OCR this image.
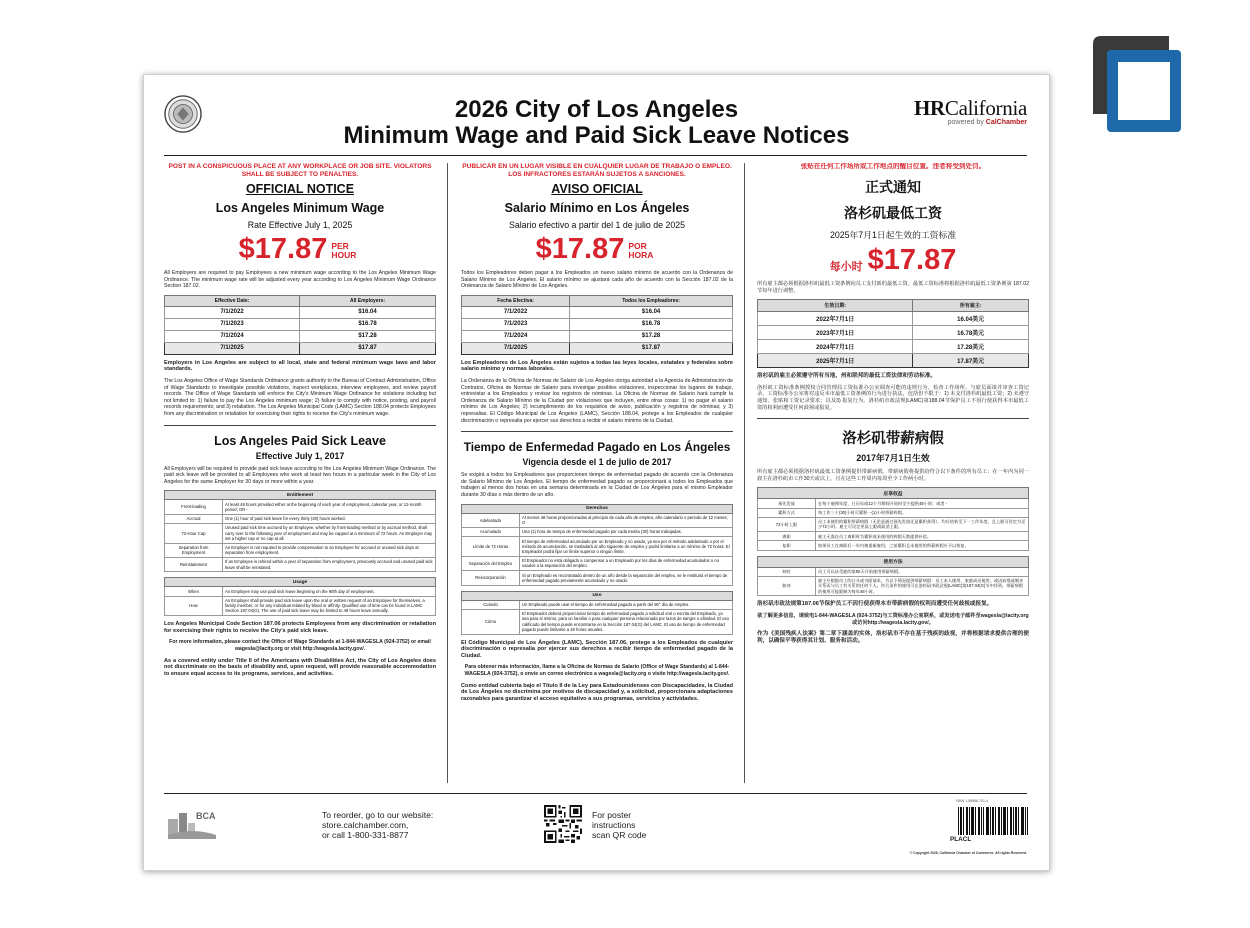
2026 City of Los Angeles
Minimum Wage and Paid Sick Leave Notices
HRCalifornia
powered by CalChamber
POST IN A CONSPICUOUS PLACE AT ANY WORKPLACE OR JOB SITE. VIOLATORS SHALL BE SUBJECT TO PENALTIES.
OFFICIAL NOTICE
Los Angeles Minimum Wage
Rate Effective July 1, 2025
$17.87 PER HOUR
All Employers are required to pay Employees a new minimum wage according to the Los Angeles Minimum Wage Ordinance. The minimum wage rate will be adjusted every year according to Los Angeles Minimum Wage Ordinance Section 187.02.
Effective Date:	All Employers:
7/1/2022	$16.04
7/1/2023	$16.78
7/1/2024	$17.28
7/1/2025	$17.87
Employers in Los Angeles are subject to all local, state and federal minimum wage laws and labor standards.
The Los Angeles Office of Wage Standards Ordinance grants authority to the Bureau of Contract Administration, Office of Wage Standards to investigate possible violations, inspect workplaces, interview employees, and review payroll records. The Office of Wage Standards will enforce the City's Minimum Wage Ordinance for violations including but not limited to: 1) failure to pay the Los Angeles minimum wage; 2) failure to comply with notice, posting, and payroll records requirements; and 3) retaliation. The Los Angeles Municipal Code (LAMC) Section 188.04 protects Employees from any discrimination or retaliation for exercising their rights to receive the City's minimum wage.
Los Angeles Paid Sick Leave
Effective July 1, 2017
All Employers will be required to provide paid sick leave according to the Los Angeles Minimum Wage Ordinance. The paid sick leave will be provided to all Employees who work at least two hours in a particular week in the City of Los Angeles for the same Employer for 30 days or more within a year.
Entitlement	
Front-loading	At least 48 hours provided either at the beginning of each year of employment, calendar year, or 12-month period; OR -
Accrual	One (1) hour of paid sick leave for every thirty (30) hours worked.
72-Hour Cap	Unused paid sick time accrued by an Employee, whether by front-loading method or by accrual method, shall carry over to the following year of employment and may be capped at a minimum of 72 hours. An Employer may set a higher cap or no cap at all.
Separation from Employment	An Employer is not required to provide compensation to an Employee for accrued or unused sick days at separation from employment.
Reinstatement	If an Employee is rehired within a year of separation from employment, previously accrued and unused paid sick leave shall be reinstated.
Usage	
When	An Employee may use paid sick leave beginning on the 90th day of employment.
How	An Employer shall provide paid sick leave upon the oral or written request of an Employee for themselves, a family member, or for any individual related by blood or affinity. Qualified use of time can be found in LAMC Section 187.04(G). The use of paid sick leave may be limited to 48 hours leave annually.
Los Angeles Municipal Code Section 187.06 protects Employees from any discrimination or retaliation for exercising their rights to receive the City's paid sick leave.
For more information, please contact the Office of Wage Standards at 1-844-WAGESLA (924-3752) or email wagesla@lacity.org or visit http://wagesla.lacity.gov/.
As a covered entity under Title II of the Americans with Disabilities Act, the City of Los Angeles does not discriminate on the basis of disability and, upon request, will provide reasonable accommodation to ensure equal access to its programs, services, and activities.
PUBLICAR EN UN LUGAR VISIBLE EN CUALQUIER LUGAR DE TRABAJO O EMPLEO. LOS INFRACTORES ESTARÁN SUJETOS A SANCIONES.
AVISO OFICIAL
Salario Mínimo en Los Ángeles
Salario efectivo a partir del 1 de julio de 2025
$17.87 POR HORA
Todos los Empleadores deben pagar a los Empleados un nuevo salario mínimo de acuerdo con la Ordenanza de Salario Mínimo de Los Ángeles. El salario mínimo se ajustará cada año de acuerdo con la Sección 187.02 de la Ordenanza de Salario Mínimo de Los Ángeles.
Fecha Efectiva:	Todos los Empleadores:
7/1/2022	$16.04
7/1/2023	$16.78
7/1/2024	$17.28
7/1/2025	$17.87
Los Empleadores de Los Ángeles están sujetos a todas las leyes locales, estatales y federales sobre salario mínimo y normas laborales.
La Ordenanza de la Oficina de Normas de Salario de Los Ángeles otorga autoridad a la Agencia de Administración de Contratos, Oficina de Normas de Salario para investigar posibles violaciones, inspeccionar los lugares de trabajo, entrevistar a los Empleados y revisar los registros de nóminas. La Oficina de Normas de Salario hará cumplir la Ordenanza de Salario Mínimo de la Ciudad por violaciones que incluyen, entre otras cosas: 1) no pagar el salario mínimo de Los Ángeles; 2) incumplimiento de los requisitos de aviso, publicación y registros de nóminas; y 3) represalias. El Código Municipal de Los Ángeles (LAMC), Sección 188.04, protege a los Empleados de cualquier discriminación o represalia por ejercer sus derechos a recibir el salario mínimo de la Ciudad.
Tiempo de Enfermedad Pagado en Los Ángeles
Vigencia desde el 1 de julio de 2017
Se exigirá a todos los Empleadores que proporcionen tiempo de enfermedad pagado de acuerdo con la Ordenanza de Salario Mínimo de Los Ángeles. El tiempo de enfermedad pagado se proporcionará a todos los Empleados que trabajen al menos dos horas en una semana determinada en la Ciudad de Los Ángeles para el mismo Empleador durante 30 días o más dentro de un año.
Derechos	
Adelantado	Al menos 48 horas proporcionadas al principio de cada año de empleo, año calendario o periodo de 12 meses; O
Acumulado	Una (1) hora de tiempo de enfermedad pagado por cada treinta (30) horas trabajadas.
Límite de 72 Horas	El tiempo de enfermedad acumulado por un Empleado y no usado, ya sea por el método adelantado o por el método de acumulación, se trasladará al año siguiente de empleo y podrá limitarse a un mínimo de 72 horas. El Empleador podrá fijar un límite superior o ningún límite.
Separación del Empleo	El Empleador no está obligado a compensar a un Empleado por los días de enfermedad acumulados o no usados a la separación del empleo.
Reincorporación	Si un Empleado es recontratado dentro de un año desde la separación del empleo, se le restituirá el tiempo de enfermedad pagado previamente acumulado y no usado.
Uso	
Cuándo	Un Empleado puede usar el tiempo de enfermedad pagado a partir del 90° día de empleo.
Cómo	El Empleador deberá proporcionar tiempo de enfermedad pagado a solicitud oral o escrita del Empleado, ya sea para sí mismo, para un familiar o para cualquier persona relacionada por lazos de sangre o afinidad. El uso calificado del tiempo puede encontrarse en la Sección 187.04(G) del LAMC. El uso de tiempo de enfermedad pagado puede limitarse a 48 horas anuales.
El Código Municipal de Los Ángeles (LAMC), Sección 187.06, protege a los Empleados de cualquier discriminación o represalia por ejercer sus derechos a recibir tiempo de enfermedad pagado de la Ciudad.
Para obtener más información, llame a la Oficina de Normas de Salario (Office of Wage Standards) al 1-844-WAGESLA (924-3752), o envíe un correo electrónico a wagesla@lacity.org o visite http://wagesla.lacity.gov/.
Como entidad cubierta bajo el Título II de la Ley para Estadounidenses con Discapacidades, la Ciudad de Los Ángeles no discrimina por motivos de discapacidad y, a solicitud, proporcionara adaptaciones razonables para garantizar el acceso equitativo a sus programas, servicios y actividades.
张贴在任何工作场所或工作地点的醒目位置。违者将受到处罚。
正式通知
洛杉矶最低工资
2025年7月1日起生效的工资标准
每小时 $17.87
所有雇主都必须根据洛杉矶最低工资条例向员工支付新的最低工资。最低工资标准将根据洛杉矶最低工资条例第 187.02节每年进行调整。
生效日期:	所有雇主:
2022年7月1日	16.04美元
2023年7月1日	16.78美元
2024年7月1日	17.28美元
2025年7月1日	17.87美元
洛杉矶的雇主必须遵守所有当地、州和联邦的最低工资法律和劳动标准。
洛杉矶工资标准条例授权合同管理局工资标准办公室调查可能的违规行为、检查工作场所、与雇员面谈并审查工资记录。工资标准办公室将对违反本市最低工资条例的行为进行执法，包括但不限于：1) 未支付洛杉矶最低工资；2) 未遵守通知、张贴和工资记录要求；以及3) 报复行为。洛杉矶市政法规(LAMC)第188.04节保护员工不因行使获得本市最低工资的权利而遭受任何歧视或报复。
洛杉矶带薪病假
2017年7月1日生效
所有雇主都必须根据洛杉矶最低工资条例提供带薪病假。带薪病假将提供给符合以下条件的所有员工：在一年内为同一雇主在洛杉矶市工作30天或以上，且在这些工作周内每周至少工作两小时。
应享权益	
预先发放	在每个雇佣年度、日历年或12个月期间开始时至少提供48小时；或者 -
累积方式	每工作三十(30)小时可累积一(1)小时带薪病假。
72小时上限	员工未使用的累积带薪病假（无论是通过预先发放还是累积获得），均应结转至下一工作年度，且上限可设定为至少72小时。雇主可设定更高上限或取消上限。
离职	雇主无需在员工离职时为累积或未使用的病假天数提供补偿。
复职	如果员工在离职后一年内被重新雇用，之前累积且未使用的带薪病假应予以恢复。
使用方法	
何时	员工可以从受雇的第90天开始使用带薪病假。
如何	雇主应根据员工的口头或书面请求，为以下情况提供带薪病假：员工本人使用、家庭成员使用，或因血缘或姻亲关系而与员工有关系的任何个人。符合条件的使用可在洛杉矶市政法规(LAMC)第187.04(G)节中找到。带薪病假的使用可能限制为每年48小时。
洛杉矶市政法规第187.06节保护员工不因行使获得本市带薪病假的权利而遭受任何歧视或报复。
欲了解更多信息，请致电1-844-WAGESLA (924-3752)与工资标准办公室联系，或发送电子邮件至wagesla@lacity.org或访问http://wagesla.lacity.gov/。
作为《美国残疾人法案》第二章下涵盖的实体，洛杉矶市不存在基于残疾的歧视，并将根据请求提供合理的便利，以确保平等获得其计划、服务和活动。
BCA	To reorder, go to our website:
store.calchamber.com,
or call 1-800-331-8877
For poster
instructions
scan QR code
ISBN 1-58966-701-4
PLACL
© Copyright 2026, California Chamber of Commerce. All rights Reserved.
